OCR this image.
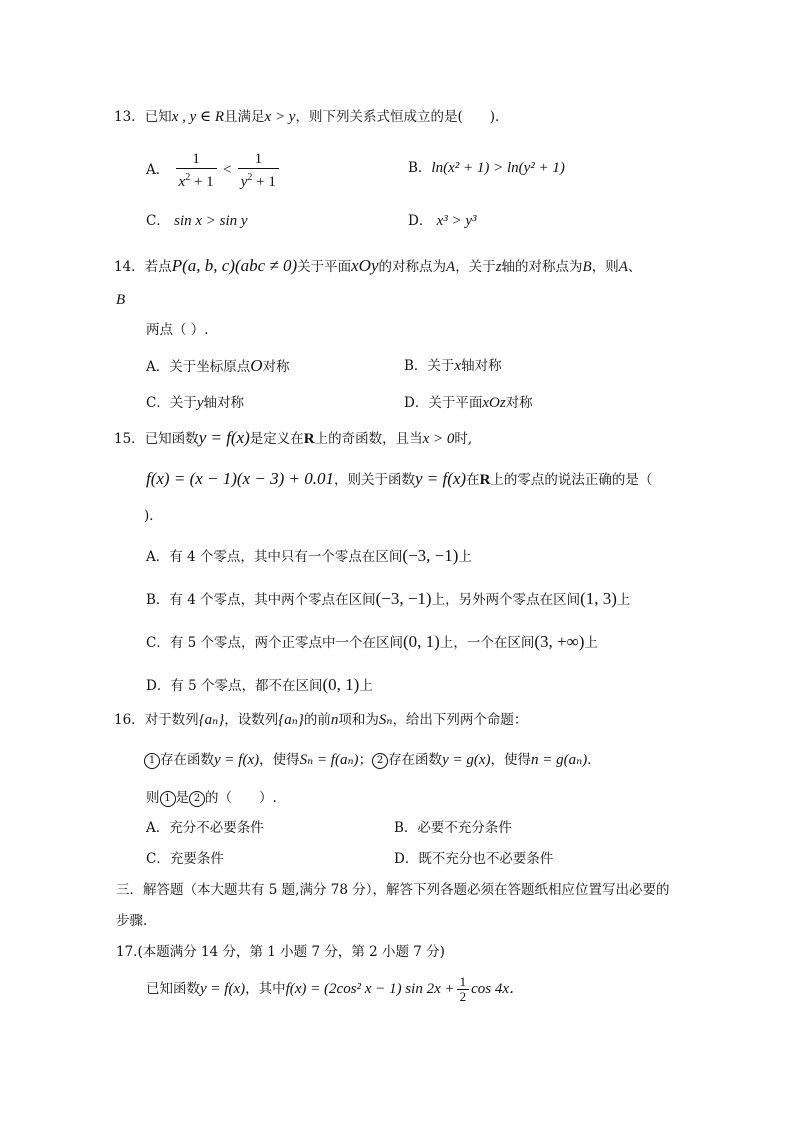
13．已知x , y ∈ R且满足x > y，则下列关系式恒成立的是(　　)．
A． $\frac{1}{x^2 + 1} < \frac{1}{y^2 + 1}$	B．ln(x² + 1) > ln(y² + 1)
C． sin x > sin y	D． x³ > y³
14．若点P(a, b, c)(abc ≠ 0)关于平面xOy的对称点为A，关于z轴的对称点为B，则A、
B
两点（ ）.
A．关于坐标原点O对称	B．关于x轴对称
C．关于y轴对称	D．关于平面xOz对称
15．已知函数y = f(x)是定义在R上的奇函数，且当x > 0时,
f(x) = (x − 1)(x − 3) + 0.01，则关于函数y = f(x)在R上的零点的说法正确的是（
)．
A．有 4 个零点，其中只有一个零点在区间(−3, −1)上
B．有 4 个零点，其中两个零点在区间(−3, −1)上，另外两个零点在区间(1, 3)上
C．有 5 个零点，两个正零点中一个在区间(0, 1)上，一个在区间(3, +∞)上
D．有 5 个零点，都不在区间(0, 1)上
16．对于数列{aₙ}，设数列{aₙ}的前n项和为Sₙ，给出下列两个命题：
1 存在函数y = f(x)，使得Sₙ = f(aₙ)； 2 存在函数y = g(x)，使得n = g(aₙ)．
则 1 是 2 的（　　）.
A．充分不必要条件	B．必要不充分条件
C．充要条件	D．既不充分也不必要条件
三．解答题（本大题共有 5 题,满分 78 分），解答下列各题必须在答题纸相应位置写出必要的
步骤.
17.(本题满分 14 分，第 1 小题 7 分，第 2 小题 7 分)
已知函数y = f(x)，其中f(x) = (2cos² x − 1) $\sin 2x + \frac{1}{2}$ cos 4x．
